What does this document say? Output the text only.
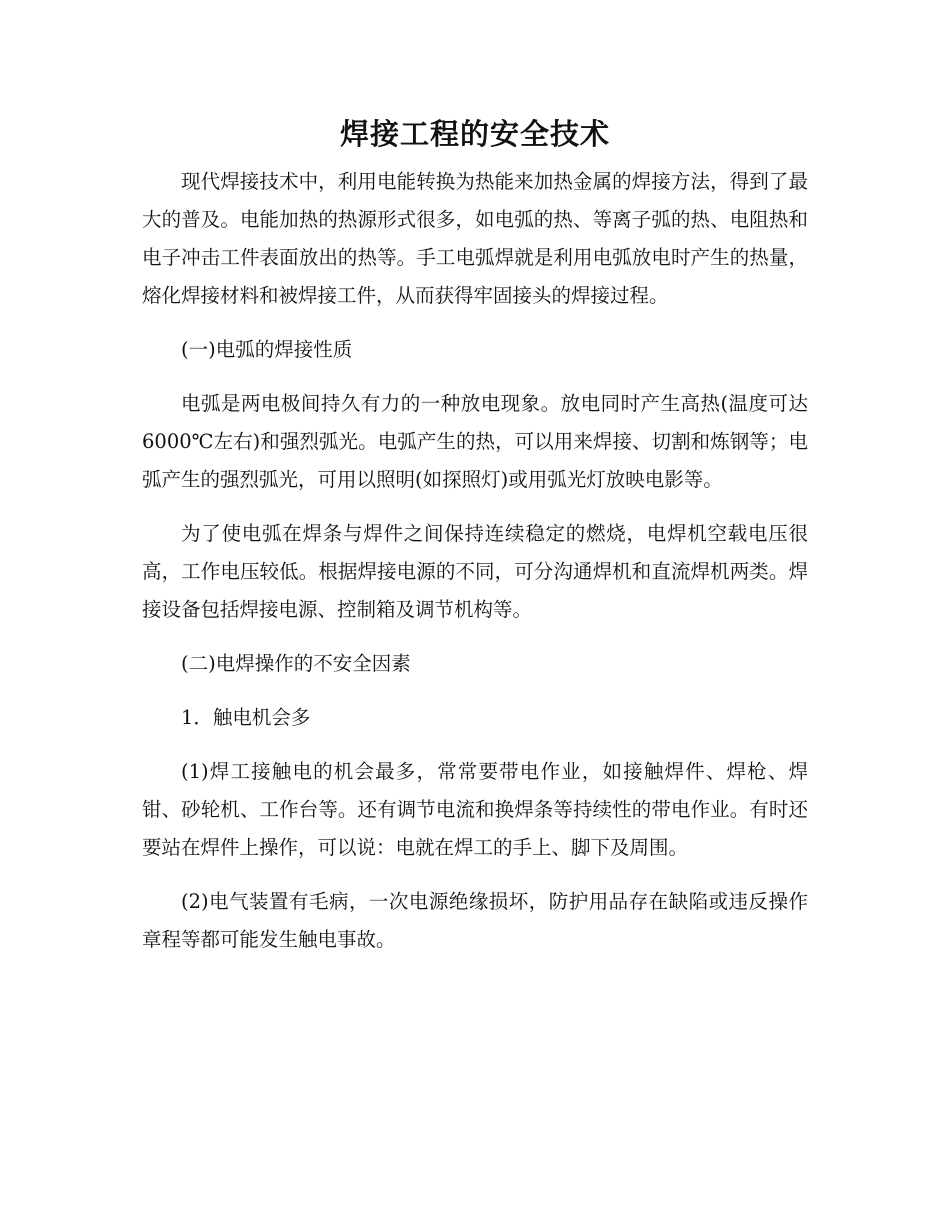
焊接工程的安全技术

现代焊接技术中，利用电能转换为热能来加热金属的焊接方法，得到了最大的普及。电能加热的热源形式很多，如电弧的热、等离子弧的热、电阻热和电子冲击工件表面放出的热等。手工电弧焊就是利用电弧放电时产生的热量，熔化焊接材料和被焊接工件，从而获得牢固接头的焊接过程。

(一)电弧的焊接性质

电弧是两电极间持久有力的一种放电现象。放电同时产生高热(温度可达6000℃左右)和强烈弧光。电弧产生的热，可以用来焊接、切割和炼钢等；电弧产生的强烈弧光，可用以照明(如探照灯)或用弧光灯放映电影等。

为了使电弧在焊条与焊件之间保持连续稳定的燃烧，电焊机空载电压很高，工作电压较低。根据焊接电源的不同，可分沟通焊机和直流焊机两类。焊接设备包括焊接电源、控制箱及调节机构等。

(二)电焊操作的不安全因素

1．触电机会多

(1)焊工接触电的机会最多，常常要带电作业，如接触焊件、焊枪、焊钳、砂轮机、工作台等。还有调节电流和换焊条等持续性的带电作业。有时还要站在焊件上操作，可以说：电就在焊工的手上、脚下及周围。

(2)电气装置有毛病，一次电源绝缘损坏，防护用品存在缺陷或违反操作章程等都可能发生触电事故。
